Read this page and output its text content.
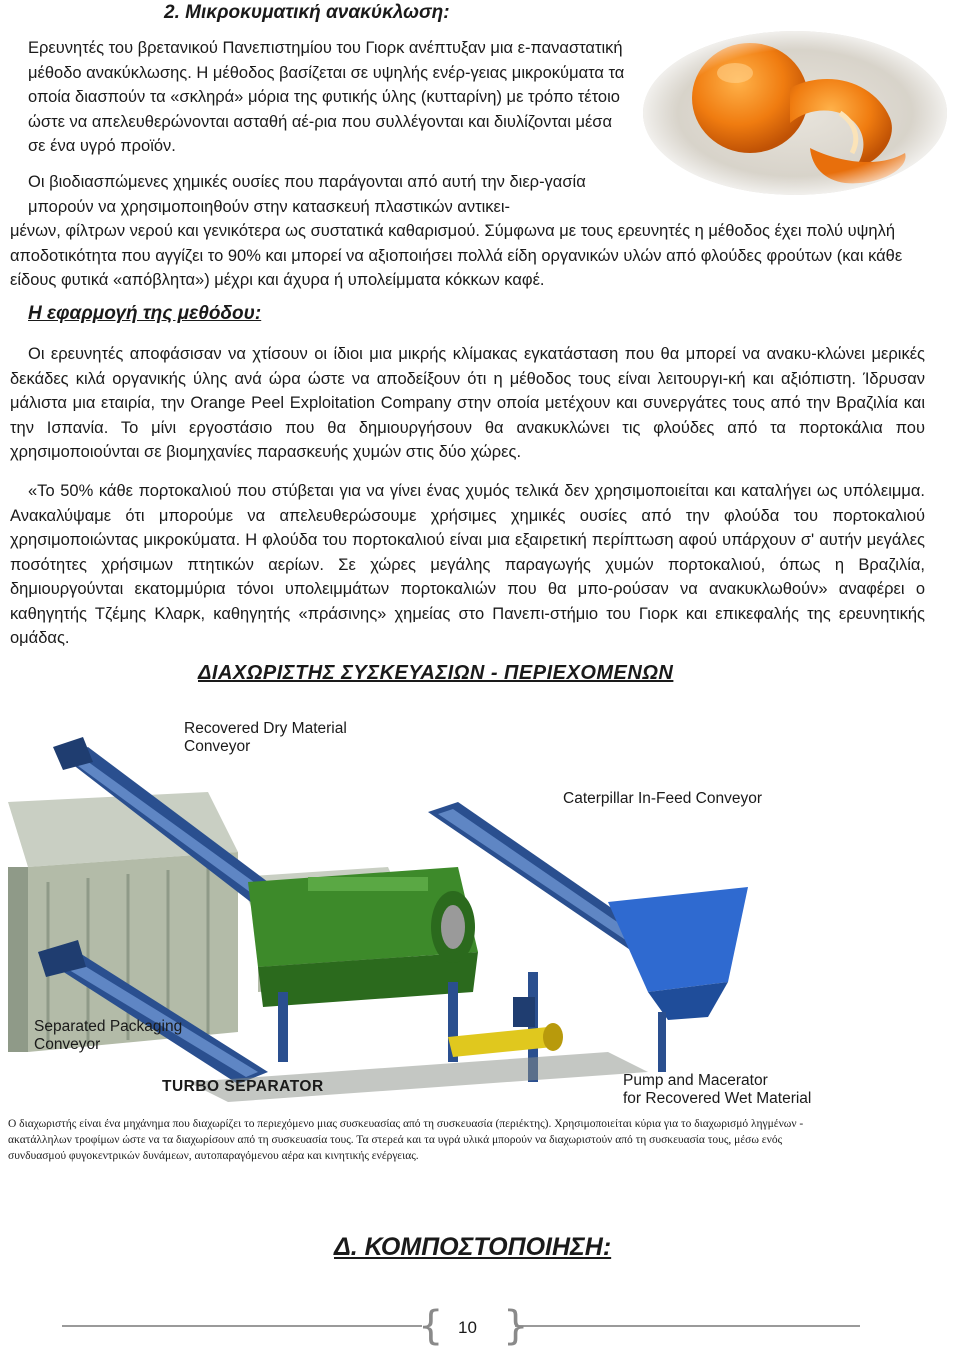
2. Μικροκυματική ανακύκλωση:

Ερευνητές του βρετανικού Πανεπιστημίου του Γιορκ ανέπτυξαν μια ε-παναστατική μέθοδο ανακύκλωσης. Η μέθοδος βασίζεται σε υψηλής ενέρ-γειας μικροκύματα τα οποία διασπούν τα «σκληρά» μόρια της φυτικής ύλης (κυτταρίνη) με τρόπο τέτοιο ώστε να απελευθερώνονται ασταθή αέ-ρια που συλλέγονται και διυλίζονται μέσα σε ένα υγρό προϊόν.

Οι βιοδιασπώμενες χημικές ουσίες που παράγονται από αυτή την διερ-γασία μπορούν να χρησιμοποιηθούν στην κατασκευή πλαστικών αντικει-

μένων, φίλτρων νερού και γενικότερα ως συστατικά καθαρισμού. Σύμφωνα με τους ερευνητές η μέθοδος έχει πολύ υψηλή αποδοτικότητα που αγγίζει το 90% και μπορεί να αξιοποιήσει πολλά είδη οργανικών υλών από φλούδες φρούτων (και κάθε είδους φυτικά «απόβλητα») μέχρι και άχυρα ή υπολείμματα κόκκων καφέ.

Η εφαρμογή της μεθόδου:

Οι ερευνητές αποφάσισαν να χτίσουν οι ίδιοι μια μικρής κλίμακας εγκατάσταση που θα μπορεί να ανακυ-κλώνει μερικές δεκάδες κιλά οργανικής ύλης ανά ώρα ώστε να αποδείξουν ότι η μέθοδος τους είναι λειτουργι-κή και αξιόπιστη. Ίδρυσαν μάλιστα μια εταιρία, την Orange Peel Exploitation Company στην οποία μετέχουν και συνεργάτες τους από την Βραζιλία και την Ισπανία. Το μίνι εργοστάσιο που θα δημιουργήσουν θα ανακυκλώνει τις φλούδες από τα πορτοκάλια που χρησιμοποιούνται σε βιομηχανίες παρασκευής χυμών στις δύο χώρες.

«Το 50% κάθε πορτοκαλιού που στύβεται για να γίνει ένας χυμός τελικά δεν χρησιμοποιείται και καταλήγει ως υπόλειμμα. Ανακαλύψαμε ότι μπορούμε να απελευθερώσουμε χρήσιμες χημικές ουσίες από την φλούδα του πορτοκαλιού χρησιμοποιώντας μικροκύματα. Η φλούδα του πορτοκαλιού είναι μια εξαιρετική περίπτωση αφού υπάρχουν σ' αυτήν μεγάλες ποσότητες χρήσιμων πτητικών αερίων. Σε χώρες μεγάλης παραγωγής χυμών πορτοκαλιού, όπως η Βραζιλία, δημιουργούνται εκατομμύρια τόνοι υπολειμμάτων πορτοκαλιών που θα μπο-ρούσαν να ανακυκλωθούν» αναφέρει ο καθηγητής Τζέμης Κλαρκ, καθηγητής «πράσινης» χημείας στο Πανεπι-στήμιο του Γιορκ και επικεφαλής της ερευνητικής ομάδας.

ΔΙΑΧΩΡΙΣΤΗΣ ΣΥΣΚΕΥΑΣΙΩΝ - ΠΕΡΙΕΧΟΜΕΝΩΝ
Recovered Dry Material
Conveyor
Caterpillar In-Feed Conveyor
Separated Packaging
Conveyor
TURBO SEPARATOR	Pump and Macerator
for Recovered Wet Material
Ο διαχωριστής είναι ένα μηχάνημα που διαχωρίζει το περιεχόμενο μιας συσκευασίας από τη συσκευασία (περιέκτης). Χρησιμοποιείται κύρια για το διαχωρισμό ληγμένων - ακατάλληλων τροφίμων ώστε να τα διαχωρίσουν από τη συσκευασία τους. Τα στερεά και τα υγρά υλικά μπορούν να διαχωριστούν από τη συσκευασία τους, μέσω ενός συνδυασμού φυγοκεντρικών δυνάμεων, αυτοπαραγόμενου αέρα και κινητικής ενέργειας.
Δ. ΚΟΜΠΟΣΤΟΠΟΙΗΣΗ:
{ }
10
